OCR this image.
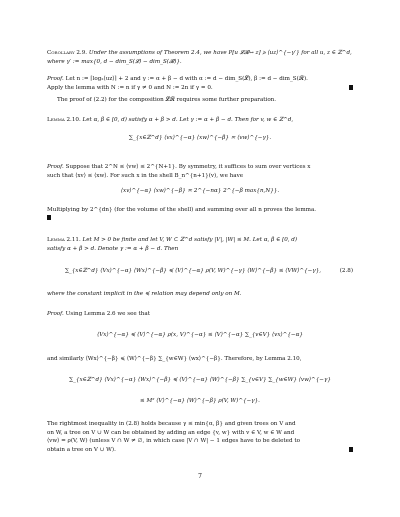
Corollary 2.9. Under the assumptions of Theorem 2.4, we have P[u 𝓛𝓡↔ z] ≽ ⟨uz⟩^{−γ′} for all u, z ∈ ℤ^d, where γ′ := max{0, d − dim_S(𝓛) − dim_S(𝓡)}.
Proof. Let n := ⌈log₂⟨uz⟩⌉ + 2 and γ := α + β − d with α := d − dim_S(𝓛), β := d − dim_S(𝓡).
Apply the lemma with N := n if γ ≠ 0 and N := 2n if γ = 0.
The proof of (2.2) for the composition 𝓛𝓡 requires some further preparation.
Lemma 2.10. Let α, β ∈ [0, d) satisfy α + β > d. Let γ := α + β − d. Then for v, w ∈ ℤ^d,
∑_{x∈ℤ^d} ⟨vx⟩^{−α} ⟨xw⟩^{−β} ≍ ⟨vw⟩^{−γ}.
Proof. Suppose that 2^N ≤ ⟨vw⟩ ≤ 2^{N+1}. By symmetry, it suffices to sum over vertices x
such that ⟨xv⟩ ≤ ⟨xw⟩. For such x in the shell B_n^{n+1}(v), we have
⟨xv⟩^{−α} ⟨xw⟩^{−β} ≍ 2^{−nα} 2^{−β max{n,N}}.
Multiplying by 2^{dn} (for the volume of the shell) and summing over all n proves the lemma.

Lemma 2.11. Let M > 0 be finite and let V, W ⊂ ℤ^d satisfy |V|, |W| ≤ M. Let α, β ∈ [0, d)
satisfy α + β > d. Denote γ := α + β − d. Then
∑_{x∈ℤ^d} ⟨Vx⟩^{−α} ⟨Wx⟩^{−β} ≼ ⟨V⟩^{−α} ρ(V, W)^{−γ} ⟨W⟩^{−β} ≤ ⟨VW⟩^{−γ},	(2.8)
where the constant implicit in the ≼ relation may depend only on M.
Proof. Using Lemma 2.6 we see that
⟨Vx⟩^{−α} ≼ ⟨V⟩^{−α} ρ(x, V)^{−α} ≤ ⟨V⟩^{−α} ∑_{v∈V} ⟨vx⟩^{−α}
and similarly ⟨Wx⟩^{−β} ≼ ⟨W⟩^{−β} ∑_{w∈W} ⟨wx⟩^{−β}. Therefore, by Lemma 2.10,
∑_{x∈ℤ^d} ⟨Vx⟩^{−α} ⟨Wx⟩^{−β} ≼ ⟨V⟩^{−α} ⟨W⟩^{−β} ∑_{v∈V} ∑_{w∈W} ⟨vw⟩^{−γ}
≤ M² ⟨V⟩^{−α} ⟨W⟩^{−β} ρ(V, W)^{−γ}.
The rightmost inequality in (2.8) holds because γ ≤ min{α, β} and given trees on V and
on W, a tree on V ∪ W can be obtained by adding an edge {v, w} with v ∈ V, w ∈ W and
⟨vw⟩ = ρ(V, W) (unless V ∩ W ≠ ∅, in which case |V ∩ W| − 1 edges have to be deleted to
obtain a tree on V ∪ W).
7
